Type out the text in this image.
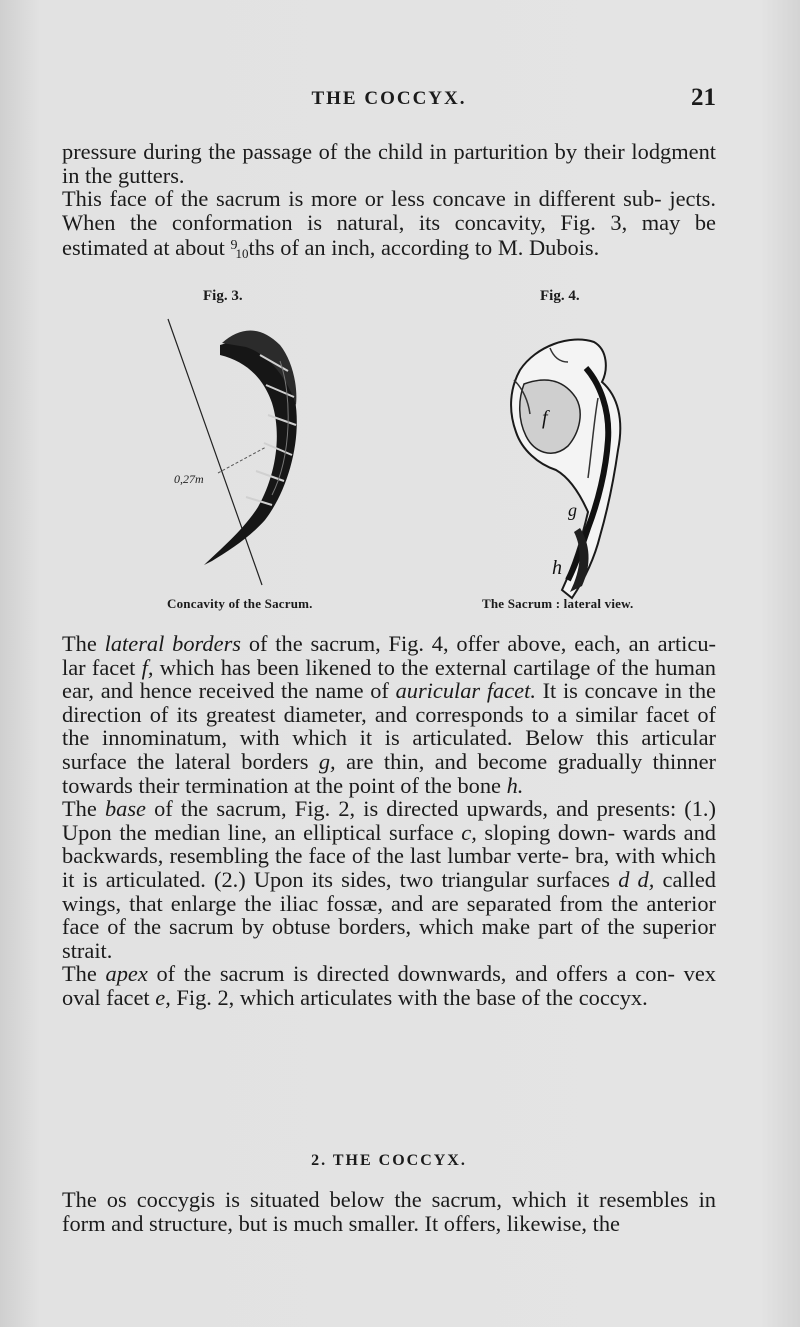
THE COCCYX.	21

pressure during the passage of the child in parturition by their lodgment in the gutters.

This face of the sacrum is more or less concave in different sub- jects. When the conformation is natural, its concavity, Fig. 3, may be estimated at about $^9$10ths of an inch, according to M. Dubois.

Fig. 3.	Fig. 4.
0,27m
f
g
h
Concavity of the Sacrum.	The Sacrum : lateral view.

The lateral borders of the sacrum, Fig. 4, offer above, each, an articu- lar facet f, which has been likened to the external cartilage of the human ear, and hence received the name of auricular facet. It is concave in the direction of its greatest diameter, and corresponds to a similar facet of the innominatum, with which it is articulated. Below this articular surface the lateral borders g, are thin, and become gradually thinner towards their termination at the point of the bone h.

The base of the sacrum, Fig. 2, is directed upwards, and presents: (1.) Upon the median line, an elliptical surface c, sloping down- wards and backwards, resembling the face of the last lumbar verte- bra, with which it is articulated. (2.) Upon its sides, two triangular surfaces d d, called wings, that enlarge the iliac fossæ, and are separated from the anterior face of the sacrum by obtuse borders, which make part of the superior strait.

The apex of the sacrum is directed downwards, and offers a con- vex oval facet e, Fig. 2, which articulates with the base of the coccyx.

2. THE COCCYX.

The os coccygis is situated below the sacrum, which it resembles in form and structure, but is much smaller. It offers, likewise, the
